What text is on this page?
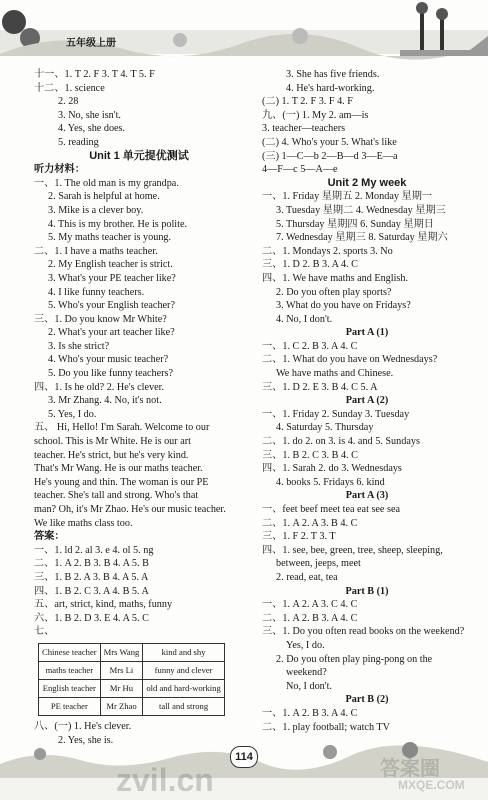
五年级上册
十一、1. T 2. F 3. T 4. T 5. F
十二、1. science
2. 28
3. No, she isn't.
4. Yes, she does.
5. reading
Unit 1 单元提优测试
听力材料：
一、1. The old man is my grandpa.
2. Sarah is helpful at home.
3. Mike is a clever boy.
4. This is my brother. He is polite.
5. My maths teacher is young.
二、1. I have a maths teacher.
2. My English teacher is strict.
3. What's your PE teacher like?
4. I like funny teachers.
5. Who's your English teacher?
三、1. Do you know Mr White?
2. What's your art teacher like?
3. Is she strict?
4. Who's your music teacher?
5. Do you like funny teachers?
四、1. Is he old? 2. He's clever.
3. Mr Zhang. 4. No, it's not.
5. Yes, I do.
五、 Hi, Hello! I'm Sarah. Welcome to our
school. This is Mr White. He is our art
teacher. He's strict, but he's very kind.
That's Mr Wang. He is our maths teacher.
He's young and thin. The woman is our PE
teacher. She's tall and strong. Who's that
man? Oh, it's Mr Zhao. He's our music teacher.
We like maths class too.
答案：
一、1. ld 2. al 3. e 4. ol 5. ng
二、1. A 2. B 3. B 4. A 5. B
三、1. B 2. A 3. B 4. A 5. A
四、1. B 2. C 3. A 4. B 5. A
五、art, strict, kind, maths, funny
六、1. B 2. D 3. E 4. A 5. C
七、
Chinese teacher	Mrs Wang	kind and shy
maths teacher	Mrs Li	funny and clever
English teacher	Mr Hu	old and hard-working
PE teacher	Mr Zhao	tall and strong
八、(一) 1. He's clever.
2. Yes, she is.
3. She has five friends.
4. He's hard-working.
(二) 1. T 2. F 3. F 4. F
九、(一) 1. My 2. am—is
3. teacher—teachers
(二) 4. Who's your 5. What's like
(三) 1—C—b 2—B—d 3—E—a
4—F—c 5—A—e
Unit 2 My week
一、1. Friday 星期五 2. Monday 星期一
3. Tuesday 星期二 4. Wednesday 星期三
5. Thursday 星期四 6. Sunday 星期日
7. Wednesday 星期三 8. Saturday 星期六
二、1. Mondays 2. sports 3. No
三、1. D 2. B 3. A 4. C
四、1. We have maths and English.
2. Do you often play sports?
3. What do you have on Fridays?
4. No, I don't.
Part A (1)
一、1. C 2. B 3. A 4. C
二、1. What do you have on Wednesdays?
We have maths and Chinese.
三、1. D 2. E 3. B 4. C 5. A
Part A (2)
一、1. Friday 2. Sunday 3. Tuesday
4. Saturday 5. Thursday
二、1. do 2. on 3. is 4. and 5. Sundays
三、1. B 2. C 3. B 4. C
四、1. Sarah 2. do 3. Wednesdays
4. books 5. Fridays 6. kind
Part A (3)
一、feet beef meet tea eat see sea
二、1. A 2. A 3. B 4. C
三、1. F 2. T 3. T
四、1. see, bee, green, tree, sheep, sleeping,
between, jeeps, meet
2. read, eat, tea
Part B (1)
一、1. A 2. A 3. C 4. C
二、1. A 2. B 3. A 4. C
三、1. Do you often read books on the weekend?
Yes, I do.
2. Do you often play ping-pong on the
weekend?
No, I don't.
Part B (2)
一、1. A 2. B 3. A 4. C
二、1. play football; watch TV
114
zvil.cn	答案圈
MXQE.COM
